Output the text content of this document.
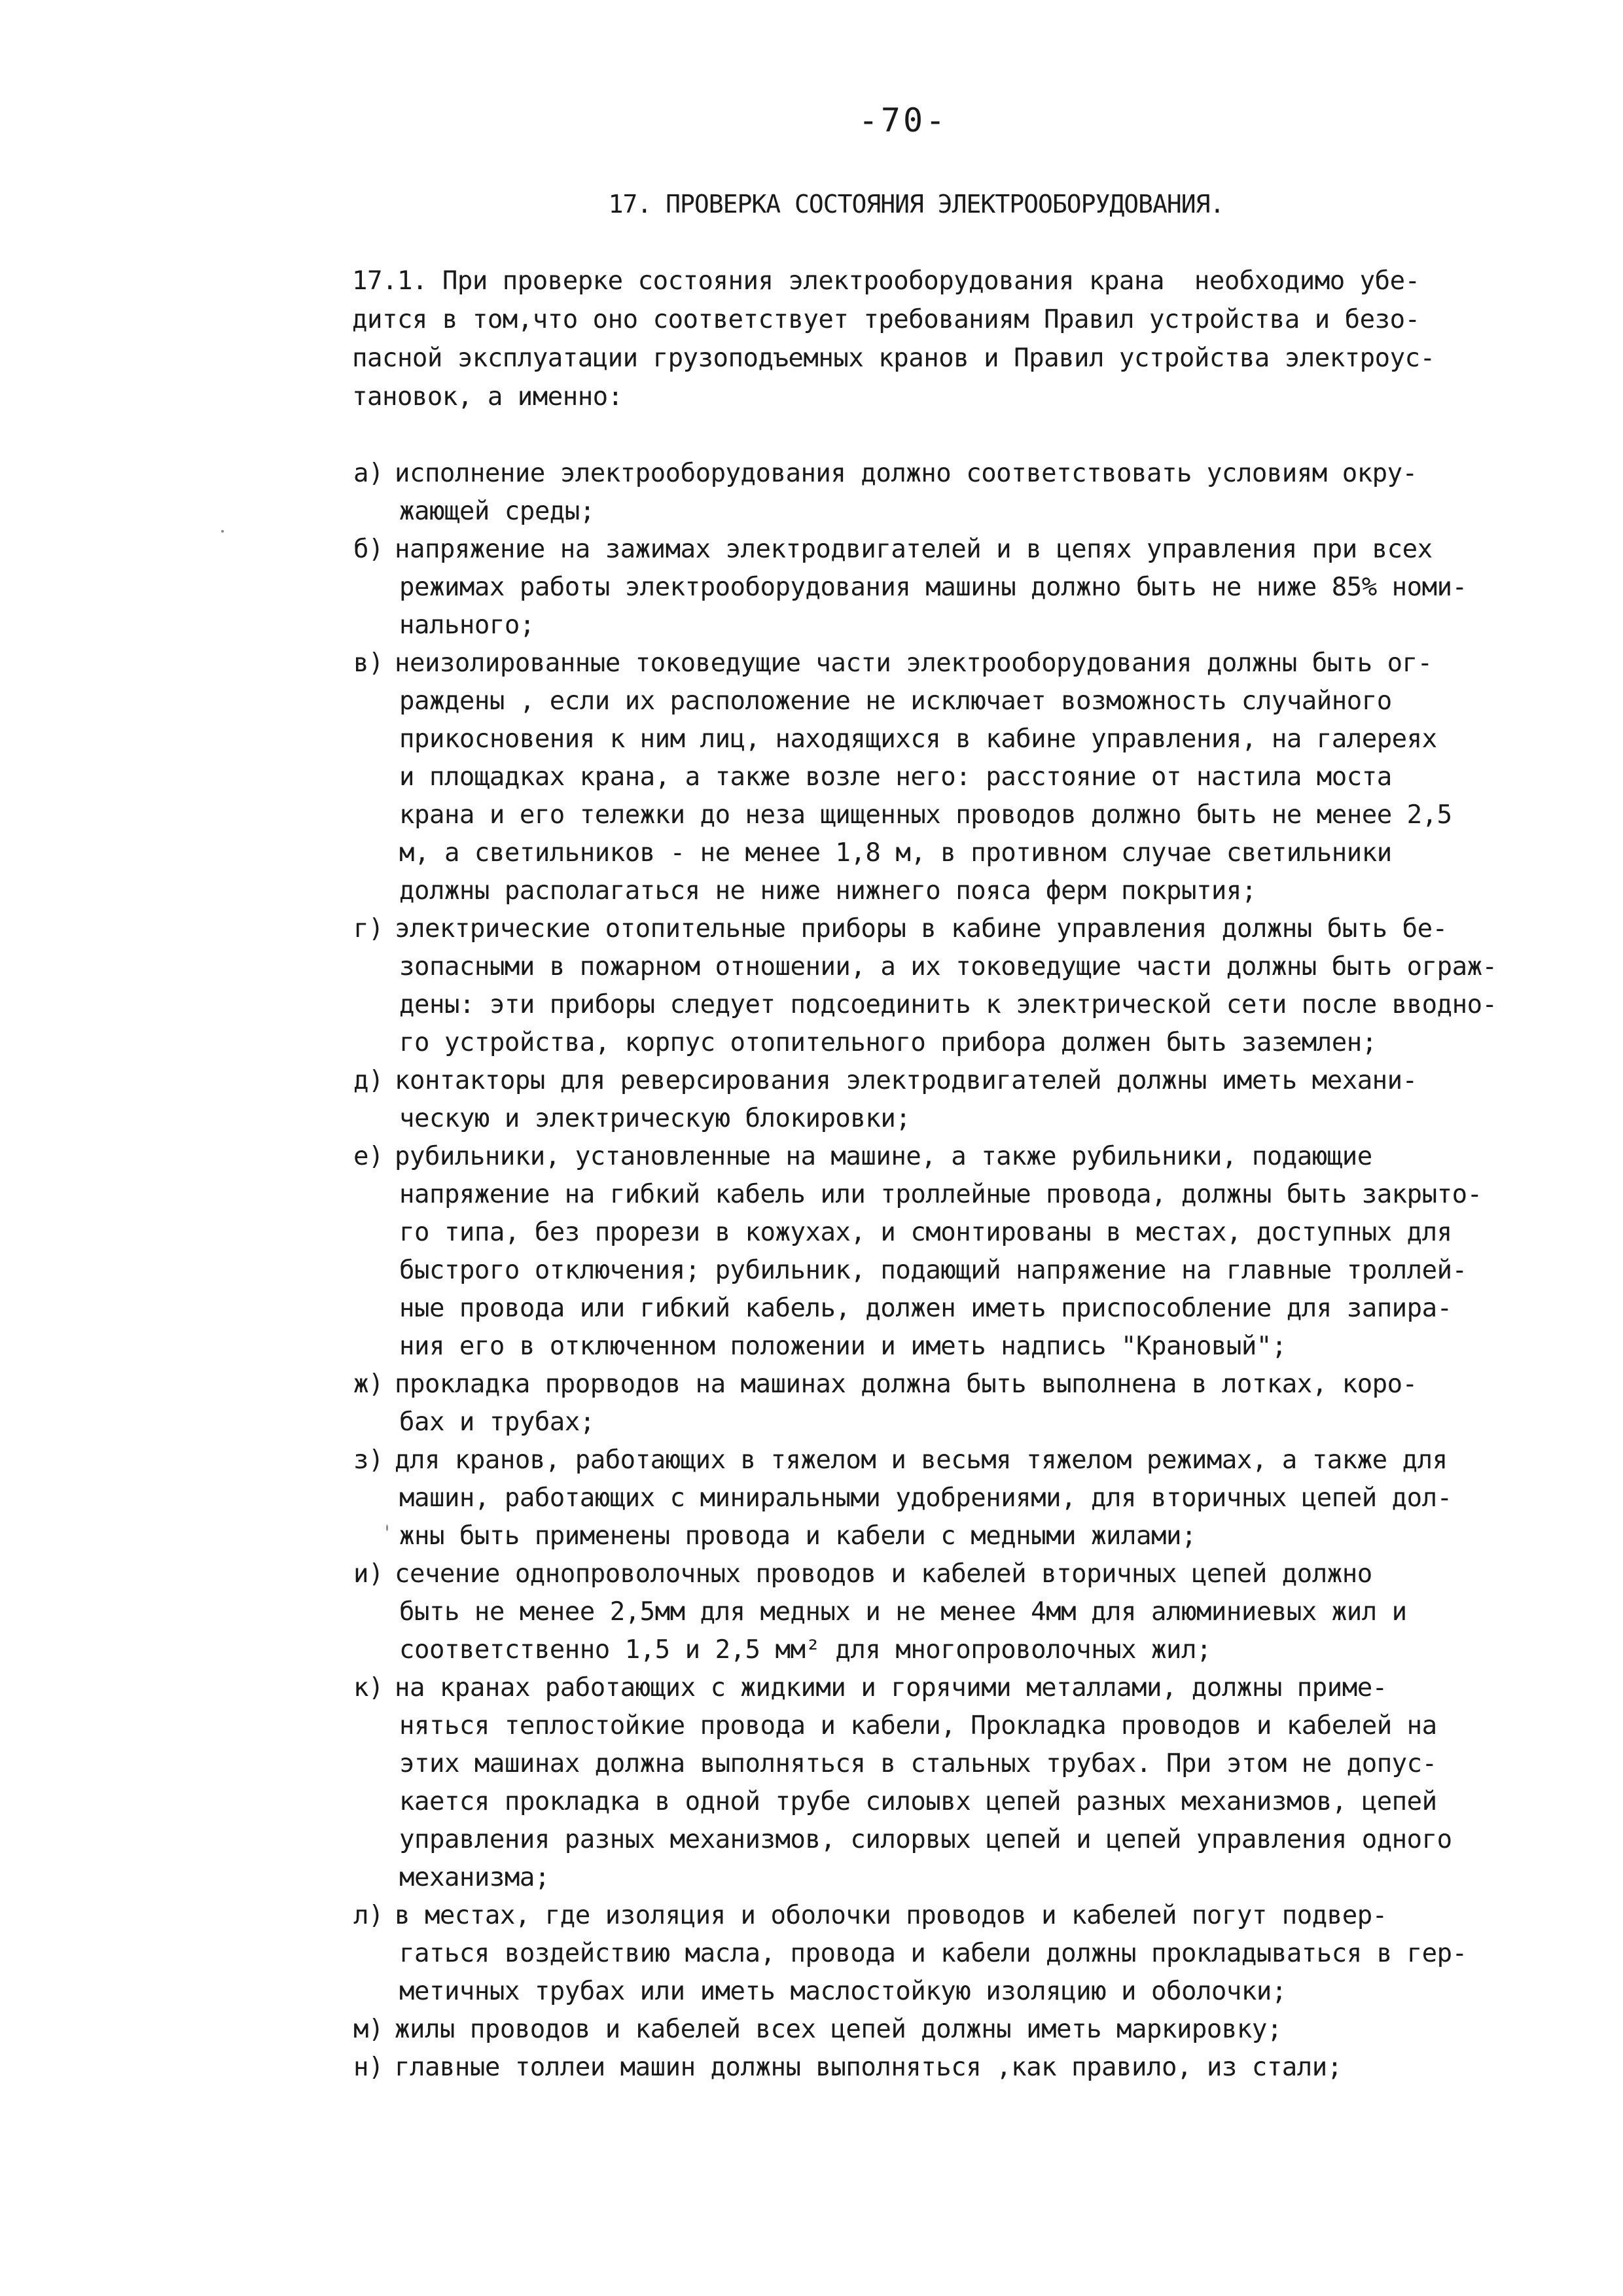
-70-
17. ПРОВЕРКА СОСТОЯНИЯ ЭЛЕКТРООБОРУДОВАНИЯ.
17.1. При проверке состояния электрооборудования крана  необходимо убе-
дится в том,что оно соответствует требованиям Правил устройства и безо-
пасной эксплуатации грузоподъемных кранов и Правил устройства электроус-
тановок, а именно:
а) исполнение электрооборудования должно соответствовать условиям окру-
жающей среды;
б) напряжение на зажимах электродвигателей и в цепях управления при всех
режимах работы электрооборудования машины должно быть не ниже 85% номи-
нального;
в) неизолированные токоведущие части электрооборудования должны быть ог-
раждены , если их расположение не исключает возможность случайного
прикосновения к ним лиц, находящихся в кабине управления, на галереях
и площадках крана, а также возле него: расстояние от настила моста
крана и его тележки до неза щищенных проводов должно быть не менее 2,5
м, а светильников - не менее 1,8 м, в противном случае светильники
должны располагаться не ниже нижнего пояса ферм покрытия;
г) электрические отопительные приборы в кабине управления должны быть бе-
зопасными в пожарном отношении, а их токоведущие части должны быть ограж-
дены: эти приборы следует подсоединить к электрической сети после вводно-
го устройства, корпус отопительного прибора должен быть заземлен;
д) контакторы для реверсирования электродвигателей должны иметь механи-
ческую и электрическую блокировки;
е) рубильники, установленные на машине, а также рубильники, подающие
напряжение на гибкий кабель или троллейные провода, должны быть закрыто-
го типа, без прорези в кожухах, и смонтированы в местах, доступных для
быстрого отключения; рубильник, подающий напряжение на главные троллей-
ные провода или гибкий кабель, должен иметь приспособление для запира-
ния его в отключенном положении и иметь надпись "Крановый";
ж) прокладка прорводов на машинах должна быть выполнена в лотках, коро-
бах и трубах;
з) для кранов, работающих в тяжелом и весьмя тяжелом режимах, а также для
машин, работающих с минирaльными удобрениями, для вторичных цепей дол-
жны быть применены провода и кабели с медными жилами;
и) сечение однопроволочных проводов и кабелей вторичных цепей должно
быть не менее 2,5мм для медных и не менее 4мм для алюминиевых жил и
соответственно 1,5 и 2,5 мм² для многопроволочных жил;
к) на кранах работающих с жидкими и горячими металлами, должны приме-
няться теплостойкие провода и кабели, Прокладка проводов и кабелей на
этих машинах должна выполняться в стальных трубах. При этом не допус-
кается прокладка в одной трубе силоывх цепей разных механизмов, цепей
управления разных механизмов, силорвых цепей и цепей управления одного
механизма;
л) в местах, где изоляция и оболочки проводов и кабелей погут подвер-
гаться воздействию масла, провода и кабели должны прокладываться в гер-
метичных трубах или иметь маслостойкую изоляцию и оболочки;
м) жилы проводов и кабелей всех цепей должны иметь маркировку;
н) главные толлеи машин должны выполняться ,как правило, из стали;
